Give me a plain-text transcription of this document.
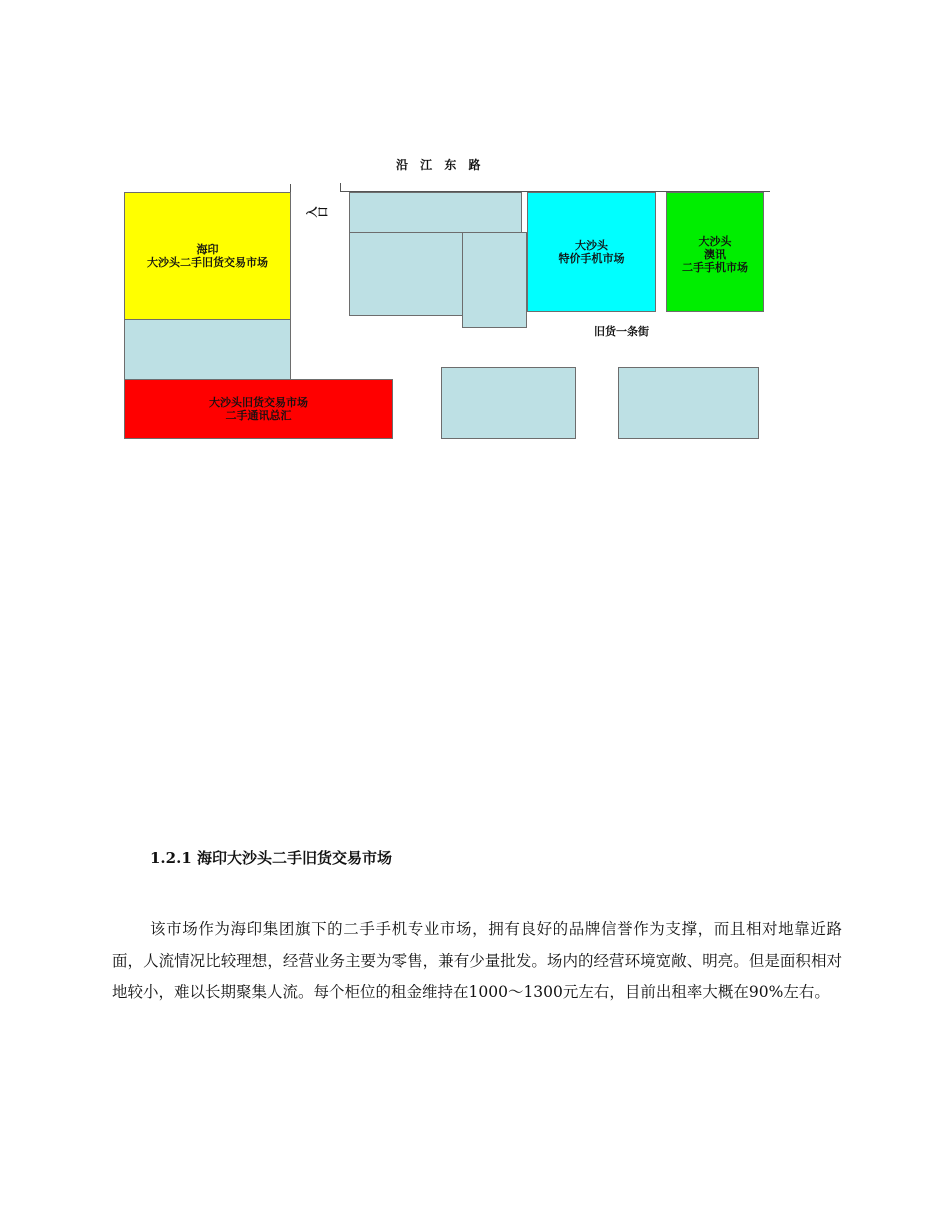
沿 江 东 路
入口
海印
大沙头二手旧货交易市场
大沙头旧货交易市场
二手通讯总汇
大沙头
特价手机市场
大沙头
澳讯
二手手机市场
旧货一条街
1.2.1 海印大沙头二手旧货交易市场
该市场作为海印集团旗下的二手手机专业市场，拥有良好的品牌信誉作为支撑，而且相对地靠近路面，人流情况比较理想，经营业务主要为零售，兼有少量批发。场内的经营环境宽敞、明亮。但是面积相对地较小，难以长期聚集人流。每个柜位的租金维持在1000～1300元左右，目前出租率大概在90%左右。
